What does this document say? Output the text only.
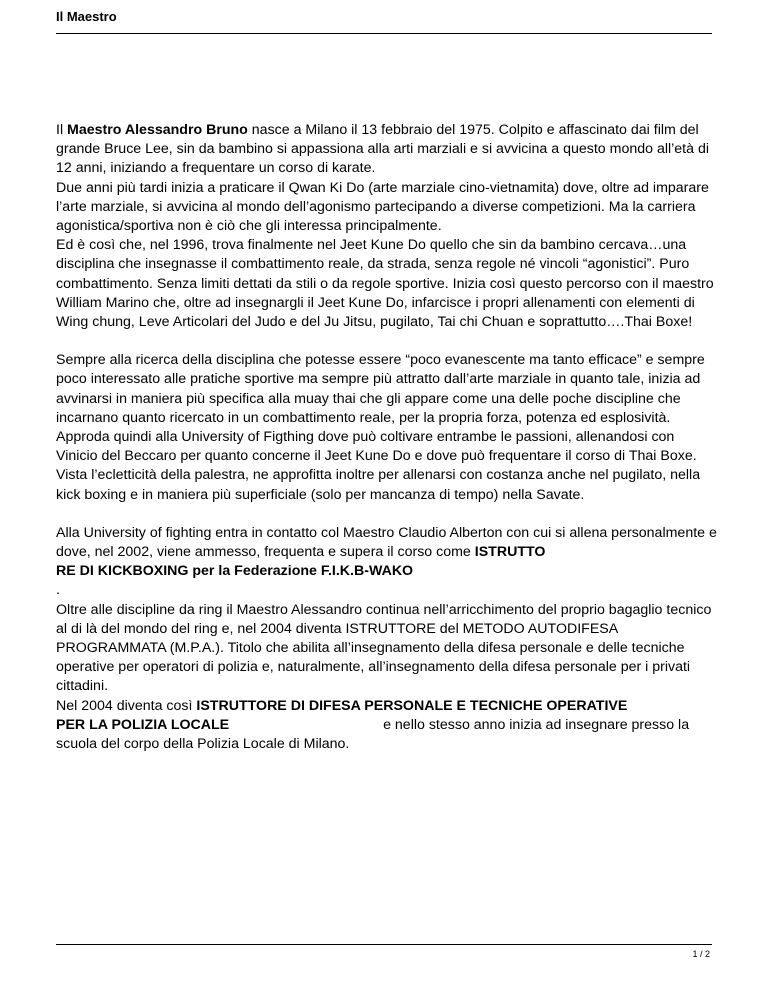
Il Maestro

Il Maestro Alessandro Bruno nasce a Milano il 13 febbraio del 1975. Colpito e affascinato dai film del grande Bruce Lee, sin da bambino si appassiona alla arti marziali e si avvicina a questo mondo all’età di 12 anni, iniziando a frequentare un corso di karate.

Due anni più tardi inizia a praticare il Qwan Ki Do (arte marziale cino-vietnamita) dove, oltre ad imparare l’arte marziale, si avvicina al mondo dell’agonismo partecipando a diverse competizioni. Ma la carriera agonistica/sportiva non è ciò che gli interessa principalmente.

Ed è così che, nel 1996, trova finalmente nel Jeet Kune Do quello che sin da bambino cercava…una disciplina che insegnasse il combattimento reale, da strada, senza regole né vincoli “agonistici”. Puro combattimento. Senza limiti dettati da stili o da regole sportive. Inizia così questo percorso con il maestro William Marino che, oltre ad insegnargli il Jeet Kune Do, infarcisce i propri allenamenti con elementi di Wing chung, Leve Articolari del Judo e del Ju Jitsu, pugilato, Tai chi Chuan e soprattutto….Thai Boxe!

Sempre alla ricerca della disciplina che potesse essere “poco evanescente ma tanto efficace” e sempre poco interessato alle pratiche sportive ma sempre più attratto dall’arte marziale in quanto tale, inizia ad avvinarsi in maniera più specifica alla muay thai che gli appare come una delle poche discipline che incarnano quanto ricercato in un combattimento reale, per la propria forza, potenza ed esplosività.

Approda quindi alla University of Figthing dove può coltivare entrambe le passioni, allenandosi con Vinicio del Beccaro per quanto concerne il Jeet Kune Do e dove può frequentare il corso di Thai Boxe. Vista l’ecletticità della palestra, ne approfitta inoltre per allenarsi con costanza anche nel pugilato, nella kick boxing e in maniera più superficiale (solo per mancanza di tempo) nella Savate.

Alla University of fighting entra in contatto col Maestro Claudio Alberton con cui si allena personalmente e dove, nel 2002, viene ammesso, frequenta e supera il corso come ISTRUTTO
RE DI KICKBOXING per la Federazione F.I.K.B-WAKO
.

Oltre alle discipline da ring il Maestro Alessandro continua nell’arricchimento del proprio bagaglio tecnico al di là del mondo del ring e, nel 2004 diventa ISTRUTTORE del METODO AUTODIFESA PROGRAMMATA (M.P.A.). Titolo che abilita all’insegnamento della difesa personale e delle tecniche operative per operatori di polizia e, naturalmente, all’insegnamento della difesa personale per i privati cittadini.

Nel 2004 diventa così ISTRUTTORE DI DIFESA PERSONALE E TECNICHE OPERATIVE
PER LA POLIZIA LOCALE	e nello stesso anno inizia ad insegnare presso la scuola del corpo della Polizia Locale di Milano.

1 / 2
